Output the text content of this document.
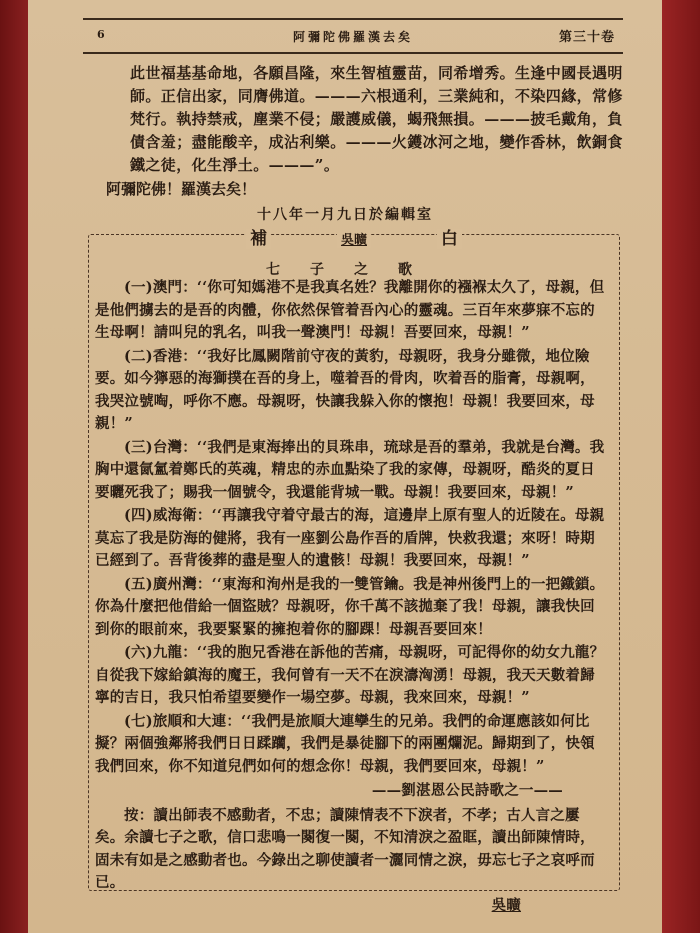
6	阿彌陀佛羅漢去矣	第三十卷

此世福基基命地，各願昌隆，來生智植靈苗，同希增秀。生逢中國長遇明

師。正信出家，同膺佛道。———六根通利，三業純和，不染四緣，常修

梵行。執持禁戒，塵業不侵；嚴護威儀，蝎飛無損。———披毛戴角，負

債含羞；盡能酸辛，成沾利樂。———火鑊冰河之地，變作香林，飲銅食

鐵之徒，化生淨土。———”。

阿彌陀佛！羅漢去矣！
十八年一月九日於編輯室
補	吳曠	白
七子之歌

(一)澳門：‘‘你可知媽港不是我真名姓？我離開你的襁褓太久了，母親，但是他們擄去的是吾的肉體，你依然保管着吾內心的靈魂。三百年來夢寐不忘的生母啊！請叫兒的乳名，叫我一聲澳門！母親！吾要回來，母親！”

(二)香港：‘‘我好比鳳闕階前守夜的黃豹，母親呀，我身分雖微，地位險要。如今獰惡的海獅撲在吾的身上，噬着吾的骨肉，吹着吾的脂膏，母親啊，我哭泣號啕，呼你不應。母親呀，快讓我躲入你的懷抱！母親！我要回來，母親！”

(三)台灣：‘‘我們是東海捧出的貝珠串，琉球是吾的羣弟，我就是台灣。我胸中還氤氳着鄭氏的英魂，精忠的赤血點染了我的家傳，母親呀，酷炎的夏日要曬死我了；賜我一個號令，我還能背城一戰。母親！我要回來，母親！”

(四)威海衛：‘‘再讓我守着守最古的海，這邊岸上原有聖人的近陵在。母親莫忘了我是防海的健將，我有一座劉公島作吾的盾牌，快救我還；來呀！時期已經到了。吾背後葬的盡是聖人的遺骸！母親！我要回來，母親！”

(五)廣州灣：‘‘東海和洵州是我的一雙管鑰。我是神州後門上的一把鐵鎖。你為什麼把他借給一個盜賊？母親呀，你千萬不該拋棄了我！母親，讓我快回到你的眼前來，我要緊緊的擁抱着你的腳踝！母親吾要回來！

(六)九龍：‘‘我的胞兄香港在訴他的苦痛，母親呀，可記得你的幼女九龍？自從我下嫁給鎮海的魔王，我何曾有一天不在淚濤洶湧！母親，我天天數着歸寧的吉日，我只怕希望要變作一場空夢。母親，我來回來，母親！”

(七)旅順和大連：‘‘我們是旅順大連孿生的兄弟。我們的命運應該如何比擬？兩個強鄰將我們日日蹂躪，我們是暴徒腳下的兩團爛泥。歸期到了，快領我們回來，你不知道兒們如何的想念你！母親，我們要回來，母親！”

——劉湛恩公民詩歌之一——

按：讀出師表不感動者，不忠；讀陳情表不下淚者，不孝；古人言之屢矣。余讀七子之歌，信口悲鳴一闋復一闋，不知清淚之盈眶，讀出師陳情時，固未有如是之感動者也。今錄出之聊使讀者一灑同情之淚，毋忘七子之哀呼而已。

吳曠
